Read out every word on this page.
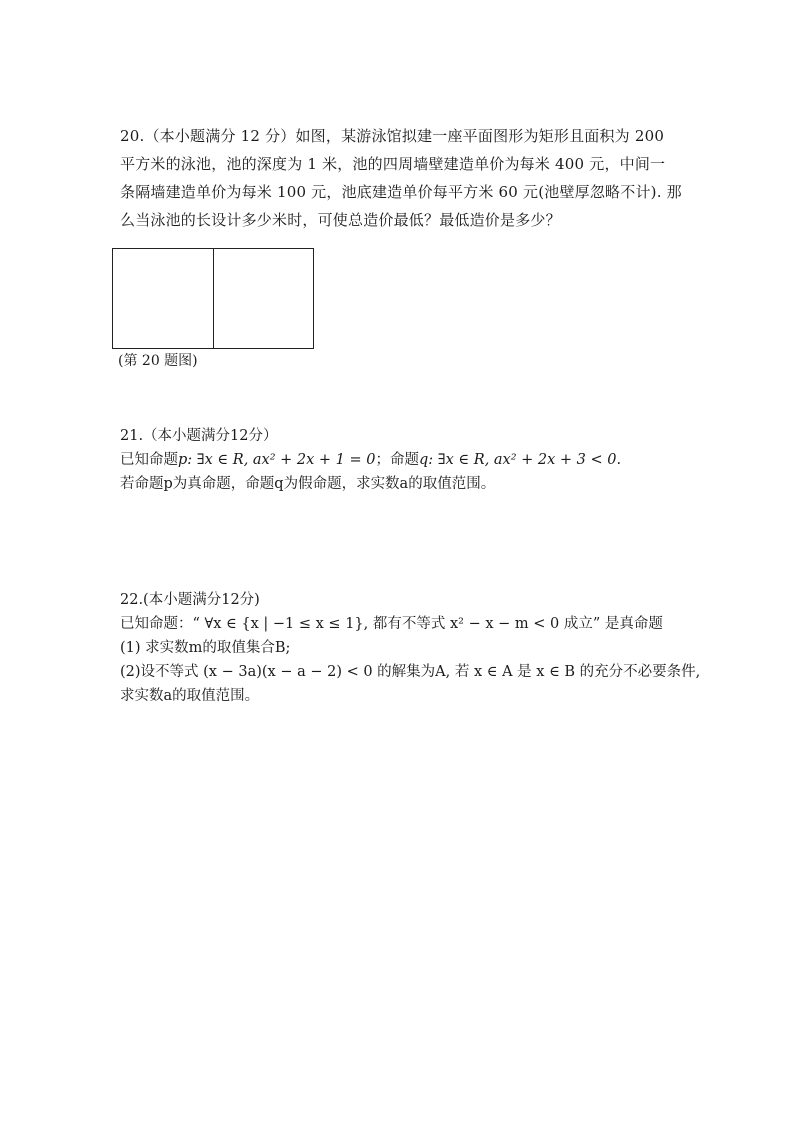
20.（本小题满分 12 分）如图，某游泳馆拟建一座平面图形为矩形且面积为 200

平方米的泳池，池的深度为 1 米，池的四周墙壁建造单价为每米 400 元，中间一

条隔墙建造单价为每米 100 元，池底建造单价每平方米 60 元(池壁厚忽略不计). 那

么当泳池的长设计多少米时，可使总造价最低？最低造价是多少？

(第 20 题图)

21.（本小题满分12分）

已知命题p: ∃x ∈ R, ax² + 2x + 1 = 0；命题q: ∃x ∈ R, ax² + 2x + 3 < 0.

若命题p为真命题，命题q为假命题，求实数a的取值范围。

22.(本小题满分12分)

已知命题：“ ∀x ∈ {x | −1 ≤ x ≤ 1}, 都有不等式 x² − x − m < 0 成立” 是真命题

(1) 求实数m的取值集合B;

(2)设不等式 (x − 3a)(x − a − 2) < 0 的解集为A, 若 x ∈ A 是 x ∈ B 的充分不必要条件,

求实数a的取值范围。
